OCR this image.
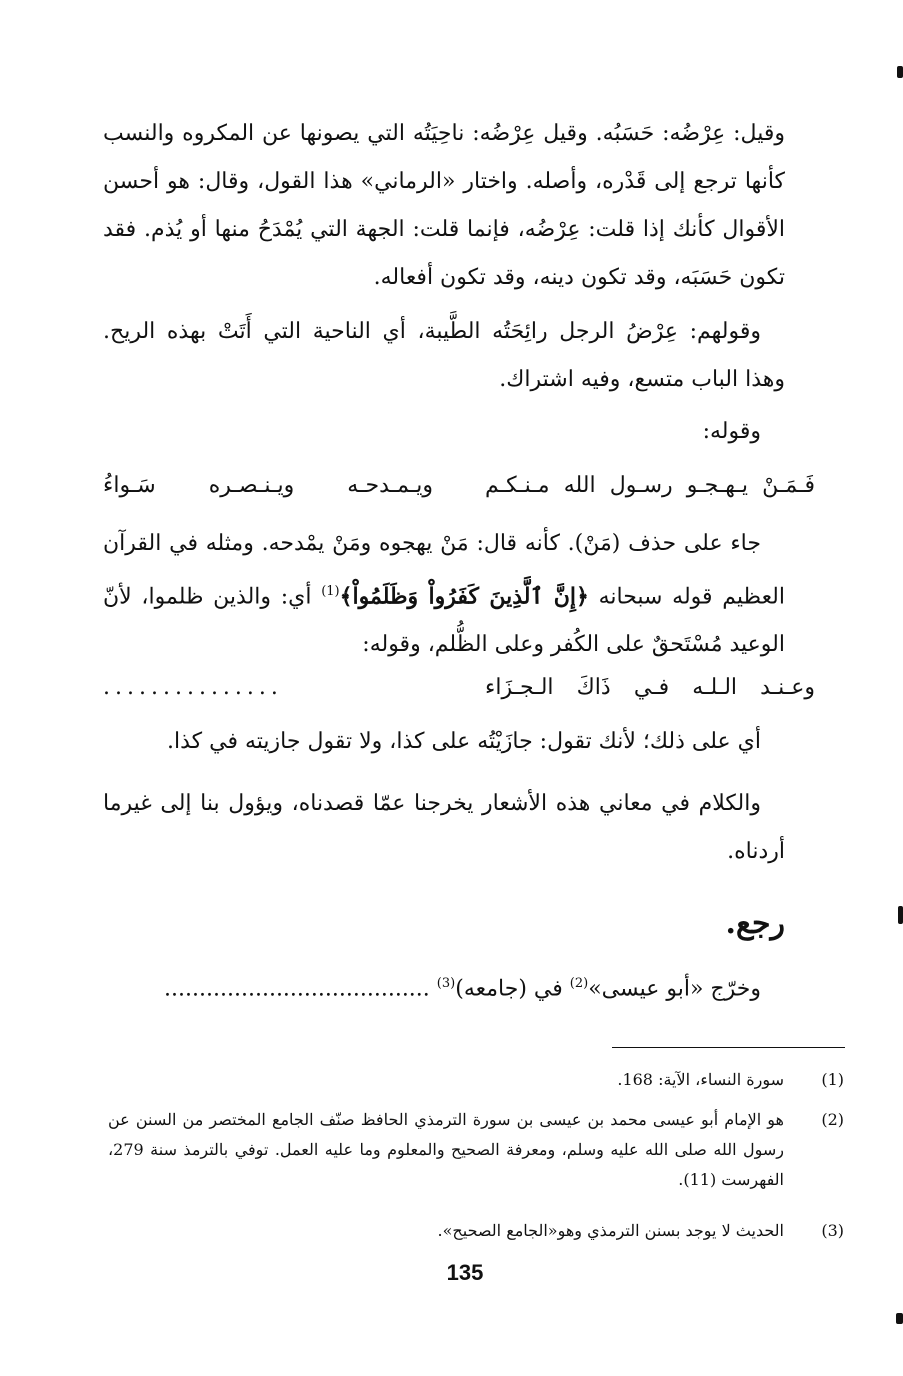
وقيل: عِرْضُه: حَسَبُه. وقيل عِرْضُه: ناحِيَتُه التي يصونها عن المكروه والنسب كأنها ترجع إلى قَدْره، وأصله. واختار «الرماني» هذا القول، وقال: هو أحسن الأقوال كأنك إذا قلت: عِرْضُه، فإنما قلت: الجهة التي يُمْدَحُ منها أو يُذم. فقد تكون حَسَبَه، وقد تكون دينه، وقد تكون أفعاله.
وقولهم: عِرْضُ الرجل رائِحَتُه الطَّيبة، أي الناحية التي أَتَتْ بهذه الريح. وهذا الباب متسع، وفيه اشتراك.
وقوله:
فَـمَـنْ يـهـجـو رسـول الله مـنـكـم
ويـمـدحـه ويـنـصـره سَـواءُ
جاء على حذف (مَنْ). كأنه قال: مَنْ يهجوه ومَنْ يمْدحه. ومثله في القرآن العظيم قوله سبحانه ﴿إِنَّ ٱلَّذِينَ كَفَرُواْ وَظَلَمُواْ﴾$^{(1)}$ أي: والذين ظلموا، لأنّ الوعيد مُسْتَحقٌ على الكُفر وعلى الظُّلم، وقوله:
وعـنـد الـلـه فـي ذَاكَ الـجـزَاء
...............
أي على ذلك؛ لأنك تقول: جازَيْتُه على كذا، ولا تقول جازيته في كذا.
والكلام في معاني هذه الأشعار يخرجنا عمّا قصدناه، ويؤول بنا إلى غيرما أردناه.
رجع.
وخرّج «أبو عيسى»$^{(2)}$ في (جامعه)$^{(3)}$ ......................................
(1)
سورة النساء، الآية: 168.
(2)
هو الإمام أبو عيسى محمد بن عيسى بن سورة الترمذي الحافظ صنّف الجامع المختصر من السنن عن رسول الله صلى الله عليه وسلم، ومعرفة الصحيح والمعلوم وما عليه العمل. توفي بالترمذ سنة 279، الفهرست (11).
(3)
الحديث لا يوجد بسنن الترمذي وهو«الجامع الصحيح».
135
